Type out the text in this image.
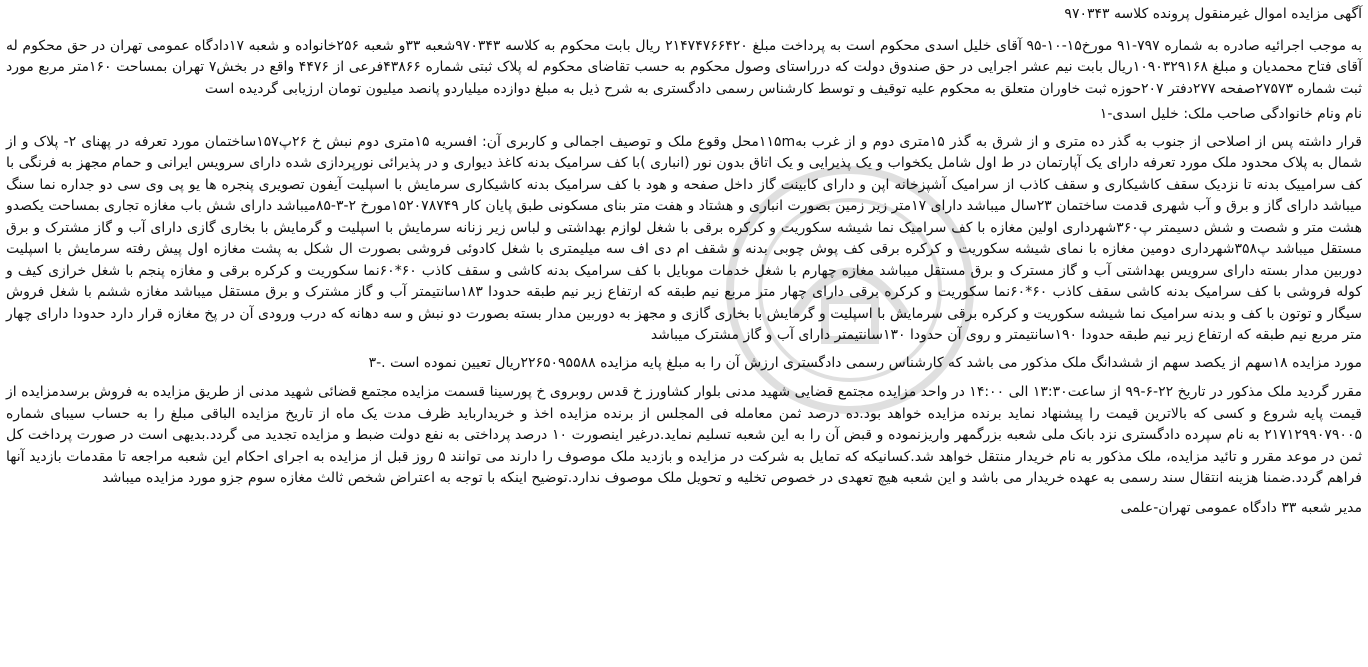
آگهی مزایده اموال غیرمنقول پرونده کلاسه ۹۷۰۳۴۳

به موجب اجرائیه صادره به شماره ۷۹۷-۹۱ مورخ۱۵-۱۰-۹۵ آقای خلیل اسدی محکوم است به پرداخت مبلغ ۲۱۴۷۴۷۶۶۴۲۰ ریال بابت محکوم به کلاسه ۹۷۰۳۴۳شعبه ۳۳و شعبه ۲۵۶خانواده و شعبه ۱۷دادگاه عمومی تهران در حق محکوم له آقای فتاح محمدیان و مبلغ ۱۰۹۰۳۲۹۱۶۸ریال بابت نیم عشر اجرایی در حق صندوق دولت که درراستای وصول محکوم به حسب تقاضای محکوم له پلاک ثبتی شماره ۴۳۸۶۶فرعی از ۴۴۷۶ واقع در بخش۷ تهران بمساحت ۱۶۰متر مربع مورد ثبت شماره ۲۷۵۷۳صفحه ۲۷۷دفتر ۲۰۷حوزه ثبت خاوران متعلق به محکوم علیه توقیف و توسط کارشناس رسمی دادگستری به شرح ذیل به مبلغ دوازده میلیاردو پانصد میلیون تومان ارزیابی گردیده است

نام ونام خانوادگی صاحب ملک: خلیل اسدی-۱

قرار داشته پس از اصلاحی از جنوب به گذر ده متری و از شرق به گذر ۱۵متری دوم و از غرب به۱۱۵mمحل وقوع ملک و توصیف اجمالی و کاربری آن: افسریه ۱۵متری دوم نبش خ ۲۶پ۱۵۷ساختمان مورد تعرفه در پهنای ۲- پلاک و از شمال به پلاک محدود ملک مورد تعرفه دارای یک آپارتمان در ط اول شامل یکخواب و یک پذیرایی و یک اتاق بدون نور (انباری )با کف سرامیک بدنه کاغذ دیواری و در پذیرائی نورپردازی شده دارای سرویس ایرانی و حمام مجهز به فرنگی با کف سرامییک بدنه تا نزدیک سقف کاشیکاری و سقف کاذب از سرامیک آشپزخانه اپن و دارای کابینت گاز داخل صفحه و هود با کف سرامیک بدنه کاشیکاری سرمایش با اسپلیت آیفون تصویری پنجره ها یو پی وی سی دو جداره نما سنگ میباشد دارای گاز و برق و آب شهری قدمت ساختمان ۲۳سال میباشد دارای ۱۷متر زیر زمین بصورت انباری و هشتاد و هفت متر بنای مسکونی طبق پایان کار ۱۵۲۰۷۸۷۴۹مورخ ۲-۳-۸۵میباشد دارای شش باب مغازه تجاری بمساحت یکصدو هشت متر و شصت و شش دسیمتر پ۳۶۰شهرداری اولین مغازه با کف سرامیک نما شیشه سکوریت و کرکره برقی با شغل لوازم بهداشتی و لباس زیر زنانه سرمایش با اسپلیت و گرمایش با بخاری گازی دارای آب و گاز مشترک و برق مستقل میباشد پ۳۵۸شهرداری دومین مغازه با نمای شیشه سکوریت و کرکره برقی کف پوش چوبی بدنه و شقف ام دی اف سه میلیمتری با شغل کادوئی فروشی بصورت ال شکل به پشت مغازه اول پیش رفته سرمایش با اسپلیت دوربین مدار بسته دارای سرویس بهداشتی آب و گاز مسترک و برق مستقل میباشد مغازه چهارم با شغل خدمات موبایل با کف سرامیک بدنه کاشی و سقف کاذب ۶۰*۶۰نما سکوریت و کرکره برقی و مغازه پنجم با شغل خرازی کیف و کوله فروشی با کف سرامیک بدنه کاشی سقف کاذب ۶۰*۶۰نما سکوریت و کرکره برقی دارای چهار متر مربع نیم طبقه که ارتفاع زیر نیم طبقه حدودا ۱۸۳سانتیمتر آب و گاز مشترک و برق مستقل میباشد مغازه ششم با شغل فروش سیگار و توتون با کف و بدنه سرامیک نما شیشه سکوریت و کرکره برقی سرمایش با اسپلیت و گرمایش با بخاری گازی و مجهز به دوربین مدار بسته بصورت دو نبش و سه دهانه که درب ورودی آن در پخ مغازه قرار دارد حدودا دارای چهار متر مربع نیم طبقه که ارتفاع زیر نیم طبقه حدودا ۱۹۰سانتیمتر و روی آن حدودا ۱۳۰سانتیمتر دارای آب و گاز مشترک میباشد

مورد مزایده ۱۸سهم از یکصد سهم از ششدانگ ملک مذکور می باشد که کارشناس رسمی دادگستری ارزش آن را به مبلغ پایه مزایده ۲۲۶۵۰۹۵۵۸۸ریال تعیین نموده است .-۳

مقرر گردید ملک مذکور در تاریخ ۲۲-۶-۹۹ از ساعت۱۳:۳۰ الی ۱۴:۰۰ در واحد مزایده مجتمع قضایی شهید مدنی بلوار کشاورز خ قدس روبروی خ پورسینا قسمت مزایده مجتمع قضائی شهید مدنی از طریق مزایده به فروش برسدمزایده از قیمت پایه شروع و کسی که بالاترین قیمت را پیشنهاد نماید برنده مزایده خواهد بود.ده درصد ثمن معامله فی المجلس از برنده مزایده اخذ و خریدارباید ظرف مدت یک ماه از تاریخ مزایده الباقی مبلغ را به حساب سیبای شماره ۲۱۷۱۲۹۹۰۷۹۰۰۵ به نام سپرده دادگستری نزد بانک ملی شعبه بزرگمهر واریزنموده و قبض آن را به این شعبه تسلیم نماید.درغیر اینصورت ۱۰ درصد پرداختی به نفع دولت ضبط و مزایده تجدید می گردد.بدیهی است در صورت پرداخت کل ثمن در موعد مقرر و تائید مزایده، ملک مذکور به نام خریدار منتقل خواهد شد.کسانیکه که تمایل به شرکت در مزایده و بازدید ملک موصوف را دارند می توانند ۵ روز قبل از مزایده به اجرای احکام این شعبه مراجعه تا مقدمات بازدید آنها فراهم گردد.ضمنا هزینه انتقال سند رسمی به عهده خریدار می باشد و این شعبه هیچ تعهدی در خصوص تخلیه و تحویل ملک موصوف ندارد.توضیح اینکه با توجه به اعتراض شخص ثالث مغازه سوم جزو مورد مزایده میباشد

مدیر شعبه ۳۳ دادگاه عمومی تهران-علمی
